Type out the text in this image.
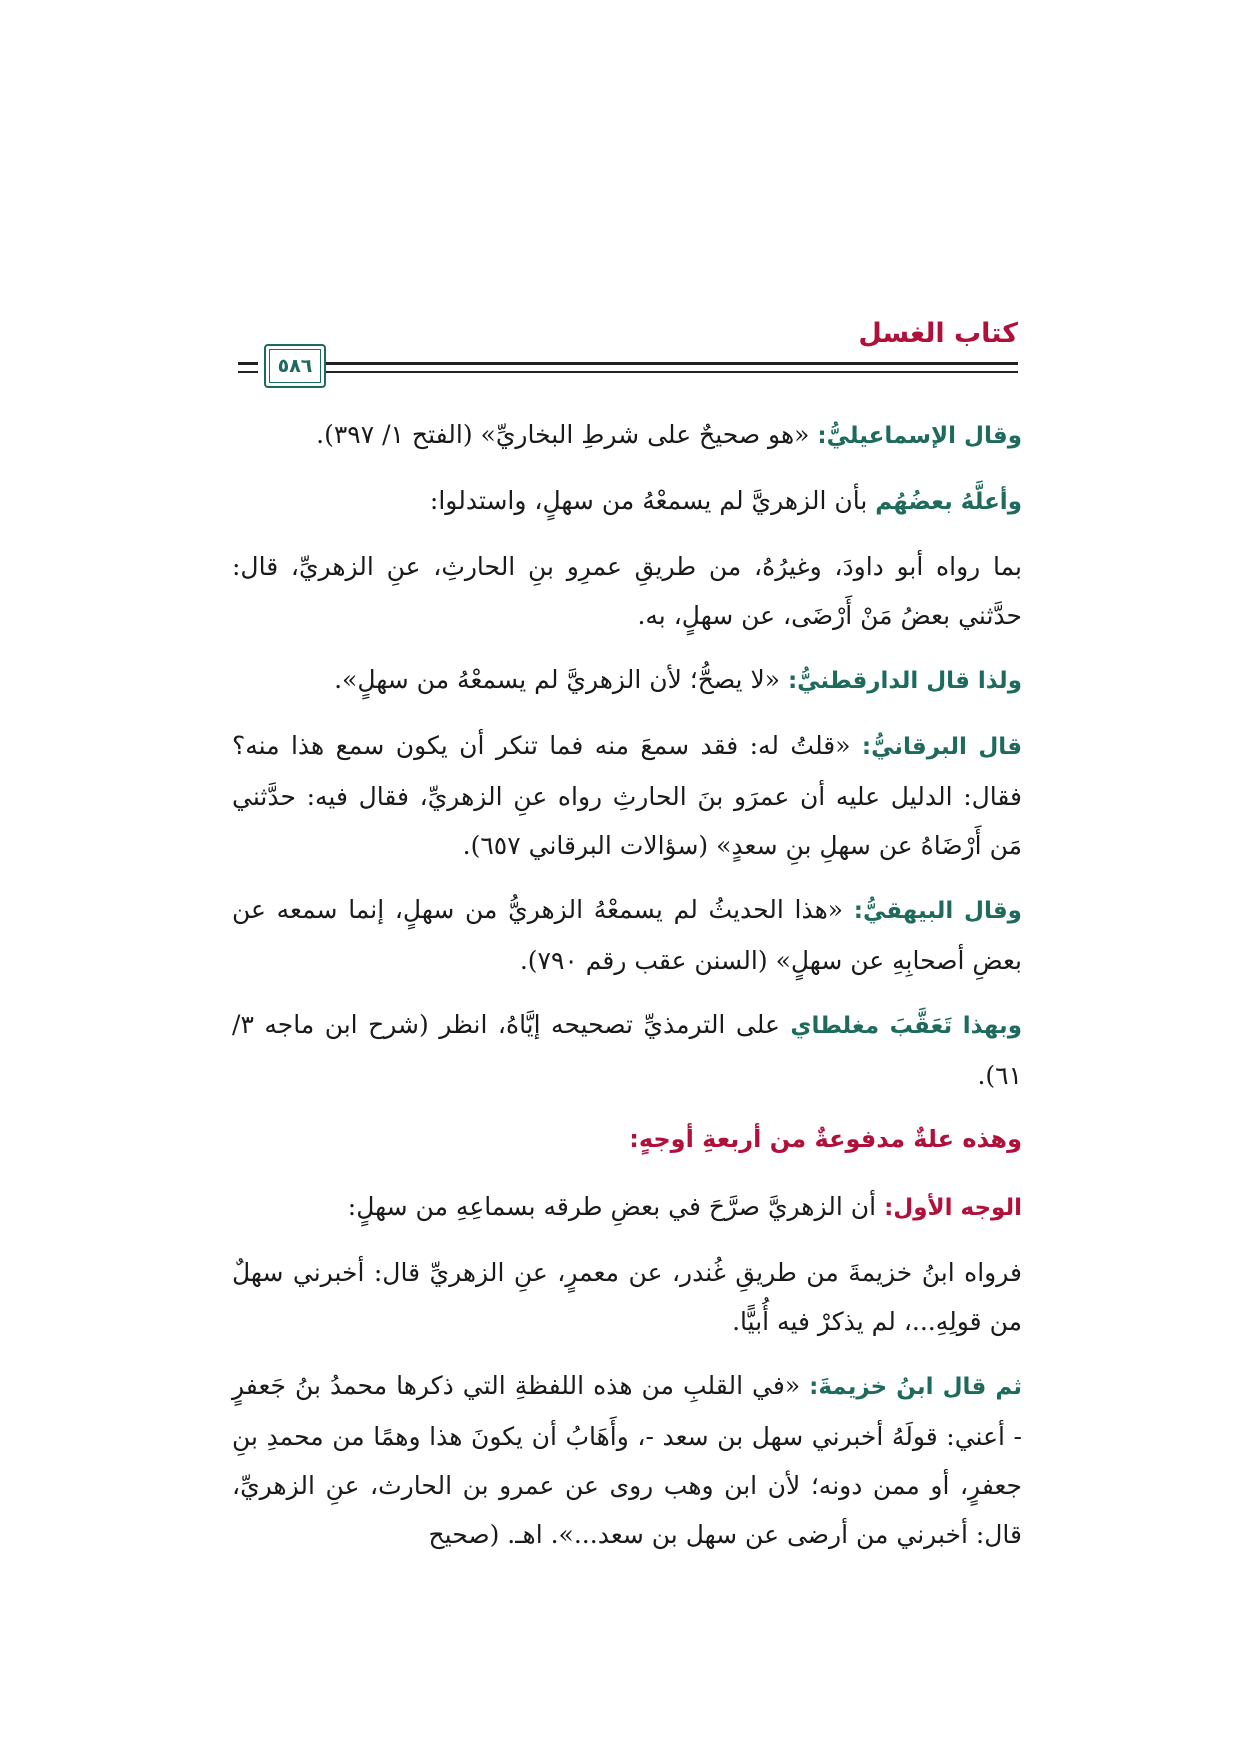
كتاب الغسل
٥٨٦

وقال الإسماعيليُّ: «هو صحيحٌ على شرطِ البخاريِّ» (الفتح ١/ ٣٩٧).

وأعلَّهُ بعضُهُم بأن الزهريَّ لم يسمعْهُ من سهلٍ، واستدلوا:

بما رواه أبو داودَ، وغيرُهُ، من طريقِ عمرِو بنِ الحارثِ، عنِ الزهريِّ، قال: حدَّثني بعضُ مَنْ أَرْضَى، عن سهلٍ، به.

ولذا قال الدارقطنيُّ: «لا يصحُّ؛ لأن الزهريَّ لم يسمعْهُ من سهلٍ».

قال البرقانيُّ: «قلتُ له: فقد سمعَ منه فما تنكر أن يكون سمع هذا منه؟ فقال: الدليل عليه أن عمرَو بنَ الحارثِ رواه عنِ الزهريِّ، فقال فيه: حدَّثني مَن أَرْضَاهُ عن سهلِ بنِ سعدٍ» (سؤالات البرقاني ٦٥٧).

وقال البيهقيُّ: «هذا الحديثُ لم يسمعْهُ الزهريُّ من سهلٍ، إنما سمعه عن بعضِ أصحابِهِ عن سهلٍ» (السنن عقب رقم ٧٩٠).

وبهذا تَعَقَّبَ مغلطاي على الترمذيِّ تصحيحه إيَّاهُ، انظر (شرح ابن ماجه ٣/ ٦١).

وهذه علةٌ مدفوعةٌ من أربعةِ أوجهٍ:

الوجه الأول: أن الزهريَّ صرَّحَ في بعضِ طرقه بسماعِهِ من سهلٍ:

فرواه ابنُ خزيمةَ من طريقِ غُندر، عن معمرٍ، عنِ الزهريِّ قال: أخبرني سهلٌ من قولِهِ...، لم يذكرْ فيه أُبيًّا.

ثم قال ابنُ خزيمةَ: «في القلبِ من هذه اللفظةِ التي ذكرها محمدُ بنُ جَعفرٍ - أعني: قولَهُ أخبرني سهل بن سعد -، وأَهَابُ أن يكونَ هذا وهمًا من محمدِ بنِ جعفرٍ، أو ممن دونه؛ لأن ابن وهب روى عن عمرو بن الحارث، عنِ الزهريِّ، قال: أخبرني من أرضى عن سهل بن سعد...». اهـ. (صحيح
